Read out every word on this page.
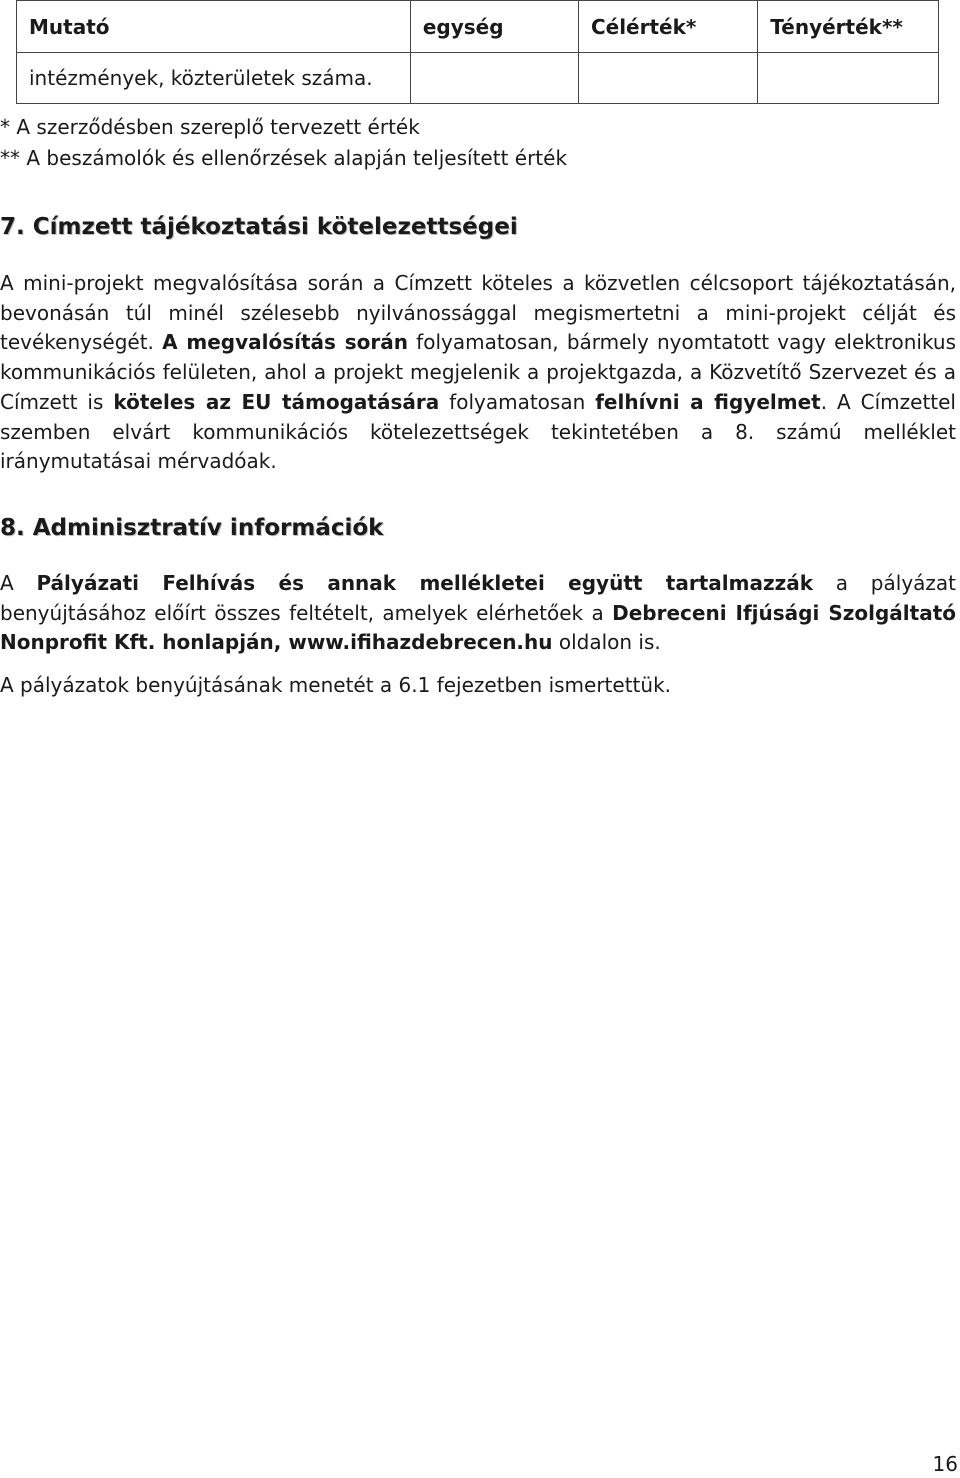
Mutató	egység	Célérték*	Tényérték**
intézmények, közterületek száma.			
* A szerződésben szereplő tervezett érték
** A beszámolók és ellenőrzések alapján teljesített érték
7. Címzett tájékoztatási kötelezettségei

A mini-projekt megvalósítása során a Címzett köteles a közvetlen célcsoport tájékoztatásán, bevonásán túl minél szélesebb nyilvánossággal megismertetni a mini-projekt célját és tevékenységét. A megvalósítás során folyamatosan, bármely nyomtatott vagy elektronikus kommunikációs felületen, ahol a projekt megjelenik a projektgazda, a Közvetítő Szervezet és a Címzett is köteles az EU támogatására folyamatosan felhívni a figyelmet. A Címzettel szemben elvárt kommunikációs kötelezettségek tekintetében a 8. számú melléklet iránymutatásai mérvadóak.

8. Adminisztratív információk

A Pályázati Felhívás és annak mellékletei együtt tartalmazzák a pályázat benyújtásához előírt összes feltételt, amelyek elérhetőek a Debreceni Ifjúsági Szolgáltató Nonprofit Kft. honlapján, www.ifihazdebrecen.hu oldalon is.

A pályázatok benyújtásának menetét a 6.1 fejezetben ismertettük.

16
